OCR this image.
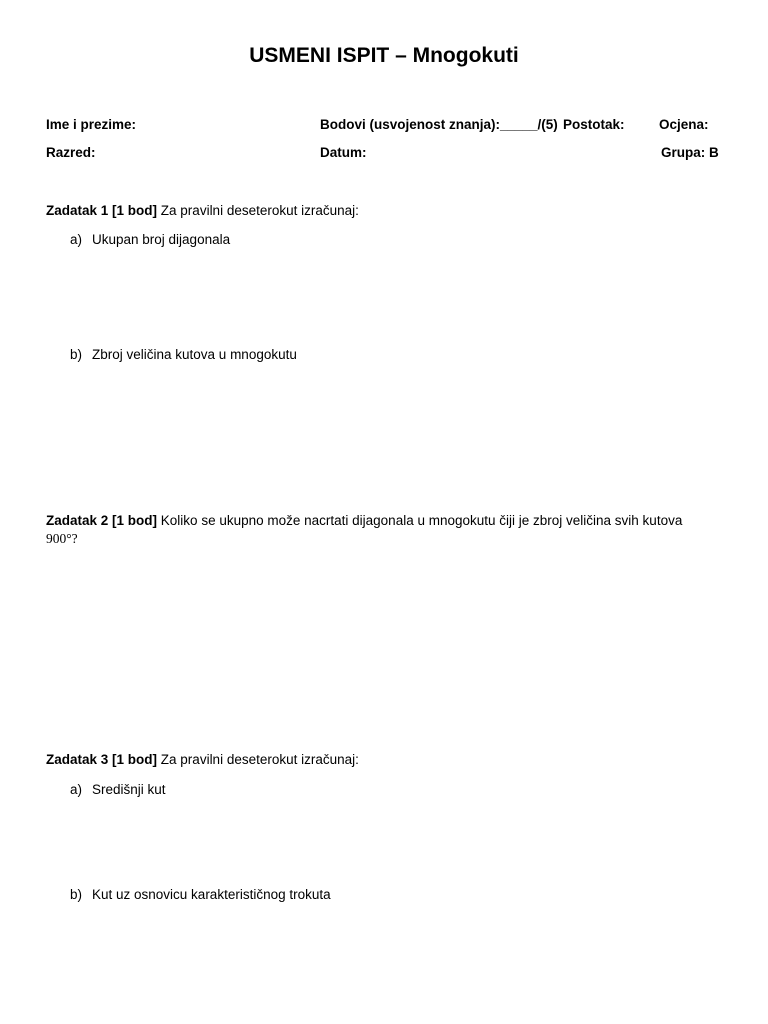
USMENI ISPIT – Mnogokuti
Ime i prezime:	Bodovi (usvojenost znanja):_____/(5) Postotak:	Ocjena:
Razred:	Datum:	Grupa: B
Zadatak 1 [1 bod] Za pravilni deseterokut izračunaj:
a) Ukupan broj dijagonala
b) Zbroj veličina kutova u mnogokutu
Zadatak 2 [1 bod] Koliko se ukupno može nacrtati dijagonala u mnogokutu čiji je zbroj veličina svih kutova
900°?
Zadatak 3 [1 bod] Za pravilni deseterokut izračunaj:
a) Središnji kut
b) Kut uz osnovicu karakterističnog trokuta
